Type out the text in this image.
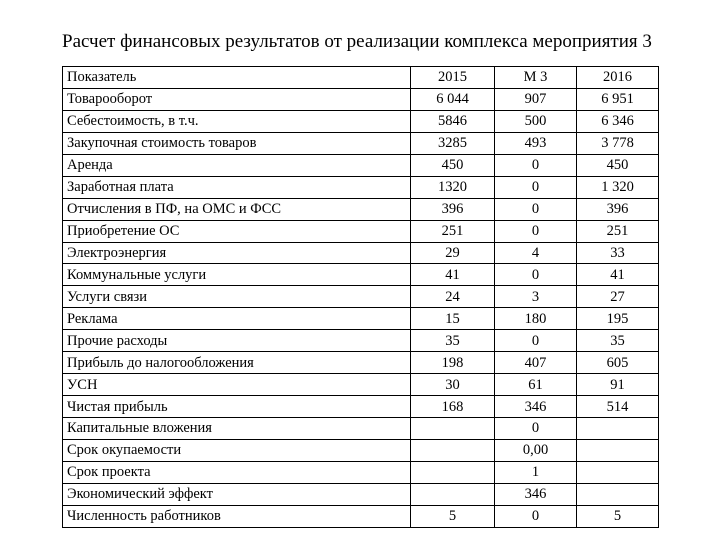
Расчет финансовых результатов от реализации комплекса мероприятия 3
Показатель	2015	М 3	2016
Товарооборот	6 044	907	6 951
Себестоимость, в т.ч.	5846	500	6 346
Закупочная стоимость товаров	3285	493	3 778
Аренда	450	0	450
Заработная плата	1320	0	1 320
Отчисления в ПФ, на ОМС и ФСС	396	0	396
Приобретение ОС	251	0	251
Электроэнергия	29	4	33
Коммунальные услуги	41	0	41
Услуги связи	24	3	27
Реклама	15	180	195
Прочие расходы	35	0	35
Прибыль до налогообложения	198	407	605
УСН	30	61	91
Чистая прибыль	168	346	514
Капитальные вложения		0	
Срок окупаемости		0,00	
Срок проекта		1	
Экономический эффект		346	
Численность работников	5	0	5
